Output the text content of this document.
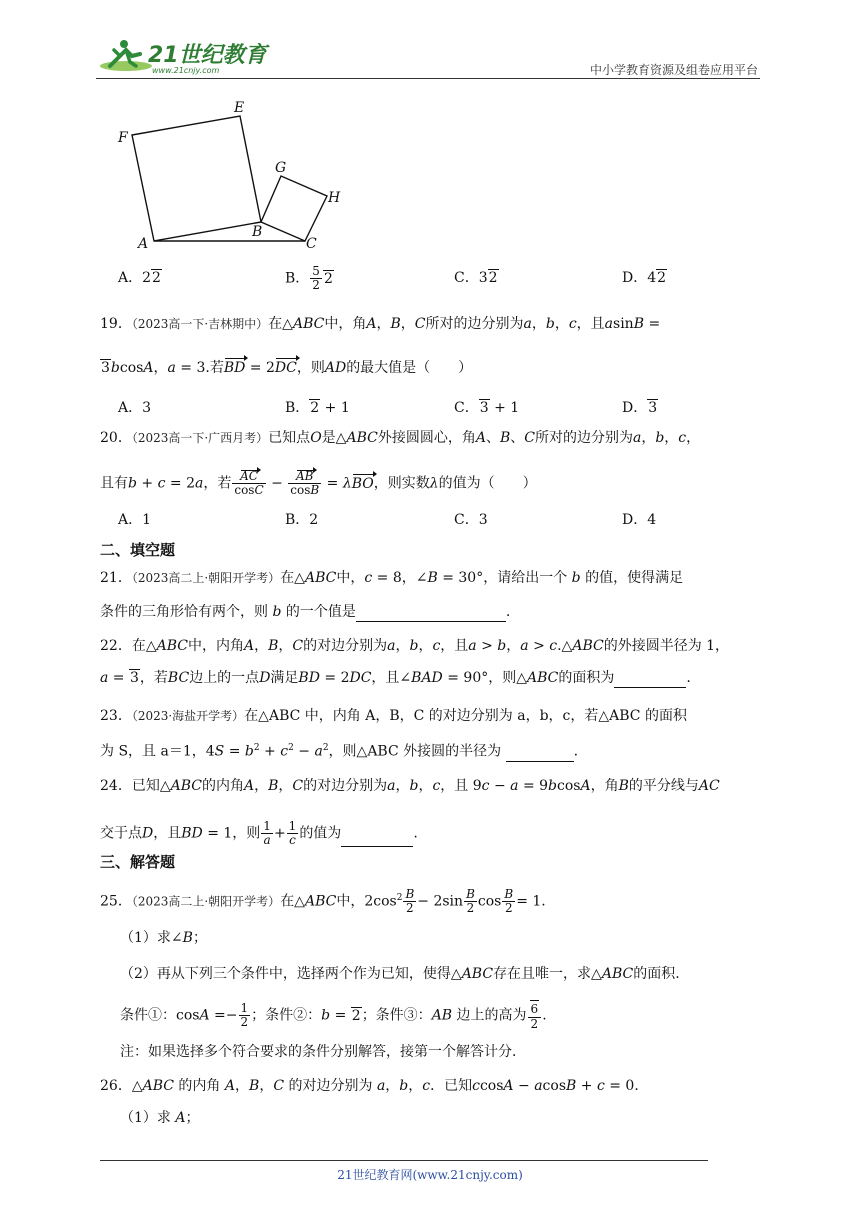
21世纪教育
www.21cnjy.com	中小学教育资源及组卷应用平台
E
F
G
H
A
B
C
A．22	B． $\frac{5}{2} 2$	C．32	D．42
19．（2023高一下·吉林期中）在△ABC中，角A，B，C所对的边分别为a，b，c，且asinB =
3bcosA，a = 3.若BD = 2DC，则AD的最大值是（　　）
A．3	B．2 + 1	C．3 + 1	D．3
20．（2023高一下·广西月考）已知点O是△ABC外接圆圆心，角A、B、C所对的边分别为a，b，c，
且有b + c = 2a，若 $\frac{AC}{\cos C} - \frac{AB}{\cos B} = \lambda BO$，则实数λ的值为（　　）
A．1	B．2	C．3	D．4
二、填空题
21．（2023高二上·朝阳开学考）在△ABC中，c = 8，∠B = 30°，请给出一个 b 的值，使得满足
条件的三角形恰有两个，则 b 的一个值是	.
22．在△ABC中，内角A，B，C的对边分别为a，b，c，且a > b，a > c.△ABC的外接圆半径为 1，
a = 3，若BC边上的一点D满足BD = 2DC，且∠BAD = 90°，则△ABC的面积为	.
23．（2023·海盐开学考）在△ABC 中，内角 A，B，C 的对边分别为 a，b，c，若△ABC 的面积
为 S，且 a＝1，$4S = b^2 + c^2 - a^2$，则△ABC 外接圆的半径为	.
24．已知△ABC的内角A，B，C的对边分别为a，b，c，且 9c − a = 9bcosA，角B的平分线与AC
交于点D，且BD = 1，则 $\frac{1}{a} + \frac{1}{c}$ 的值为	.
三、解答题
25．（2023高二上·朝阳开学考）在△ABC中，$2\cos^2 \frac{B}{2} - 2\sin \frac{B}{2}$ $\cos \frac{B}{2} = 1$.
（1）求∠B；
（2）再从下列三个条件中，选择两个作为已知，使得△ABC存在且唯一，求△ABC的面积.
条件①：$\cos A =- \frac{1}{2}$ ；条件②：b = 2；条件③：AB 边上的高为 $\frac{6}{2}$ .
注：如果选择多个符合要求的条件分别解答，接第一个解答计分．
26．△ABC 的内角 A，B，C 的对边分别为 a，b，c．已知ccosA − acosB + c = 0．
（1）求 A；
21世纪教育网(www.21cnjy.com)
